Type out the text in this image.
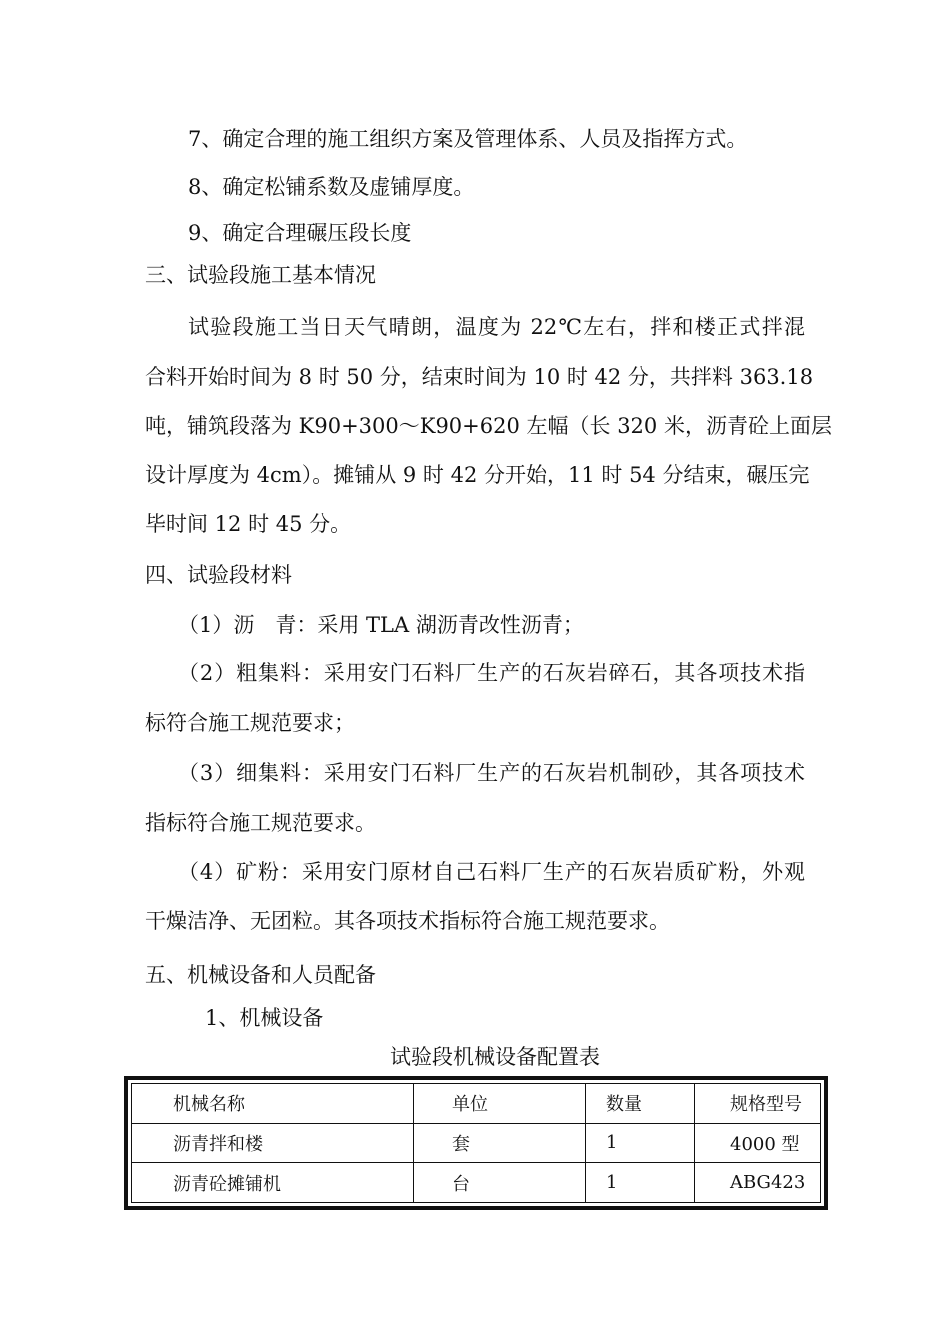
7、确定合理的施工组织方案及管理体系、人员及指挥方式。
8、确定松铺系数及虚铺厚度。
9、确定合理碾压段长度
三、试验段施工基本情况
试验段施工当日天气晴朗，温度为 22℃左右，拌和楼正式拌混
合料开始时间为 8 时 50 分，结束时间为 10 时 42 分，共拌料 363.18
吨，铺筑段落为 K90+300～K90+620 左幅（长 320 米，沥青砼上面层
设计厚度为 4cm）。摊铺从 9 时 42 分开始，11 时 54 分结束，碾压完
毕时间 12 时 45 分。
四、试验段材料
（1）沥　青：采用 TLA 湖沥青改性沥青；
（2）粗集料：采用安门石料厂生产的石灰岩碎石，其各项技术指
标符合施工规范要求；
（3）细集料：采用安门石料厂生产的石灰岩机制砂，其各项技术
指标符合施工规范要求。
（4）矿粉：采用安门原材自己石料厂生产的石灰岩质矿粉，外观
干燥洁净、无团粒。其各项技术指标符合施工规范要求。
五、机械设备和人员配备
1、机械设备
试验段机械设备配置表
机械名称	单位	数量	规格型号
沥青拌和楼	套	1	4000 型
沥青砼摊铺机	台	1	ABG423
